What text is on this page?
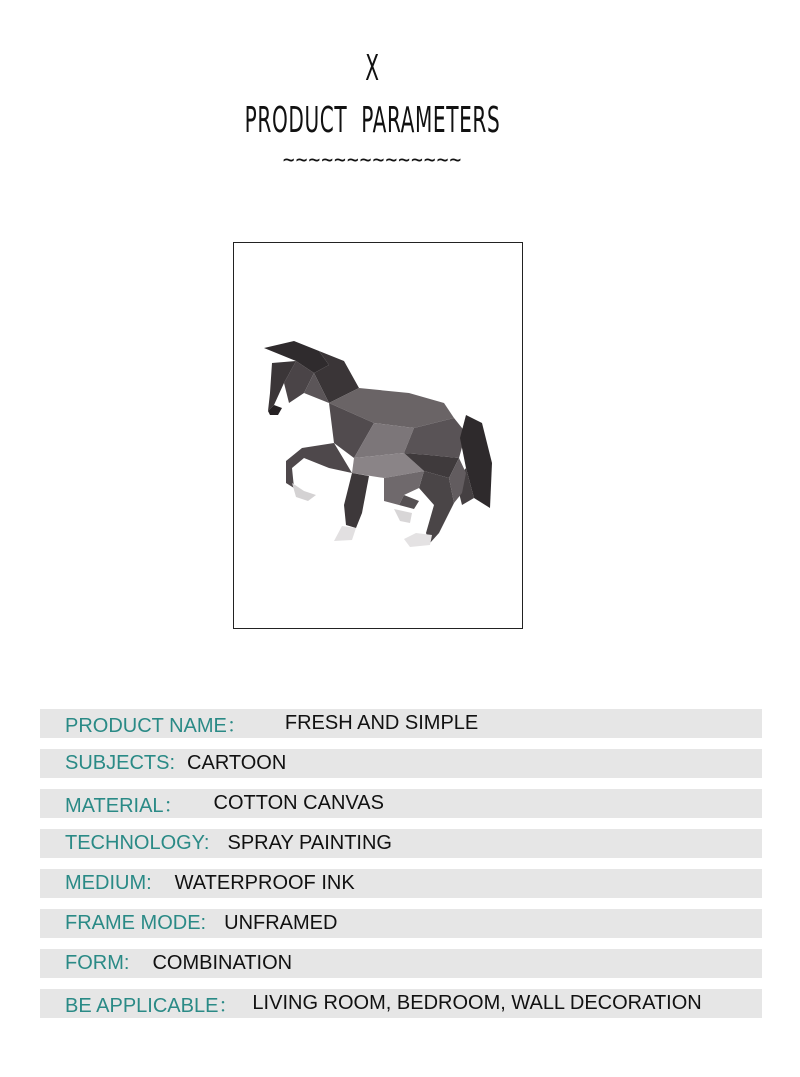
X
PRODUCT  PARAMETERS
~~~~~~~~~~~~~~
PRODUCT NAME： FRESH AND SIMPLE
SUBJECTS: CARTOON
MATERIAL： COTTON CANVAS
TECHNOLOGY: SPRAY PAINTING
MEDIUM: WATERPROOF INK
FRAME MODE: UNFRAMED
FORM: COMBINATION
BE APPLICABLE： LIVING ROOM, BEDROOM, WALL DECORATION
